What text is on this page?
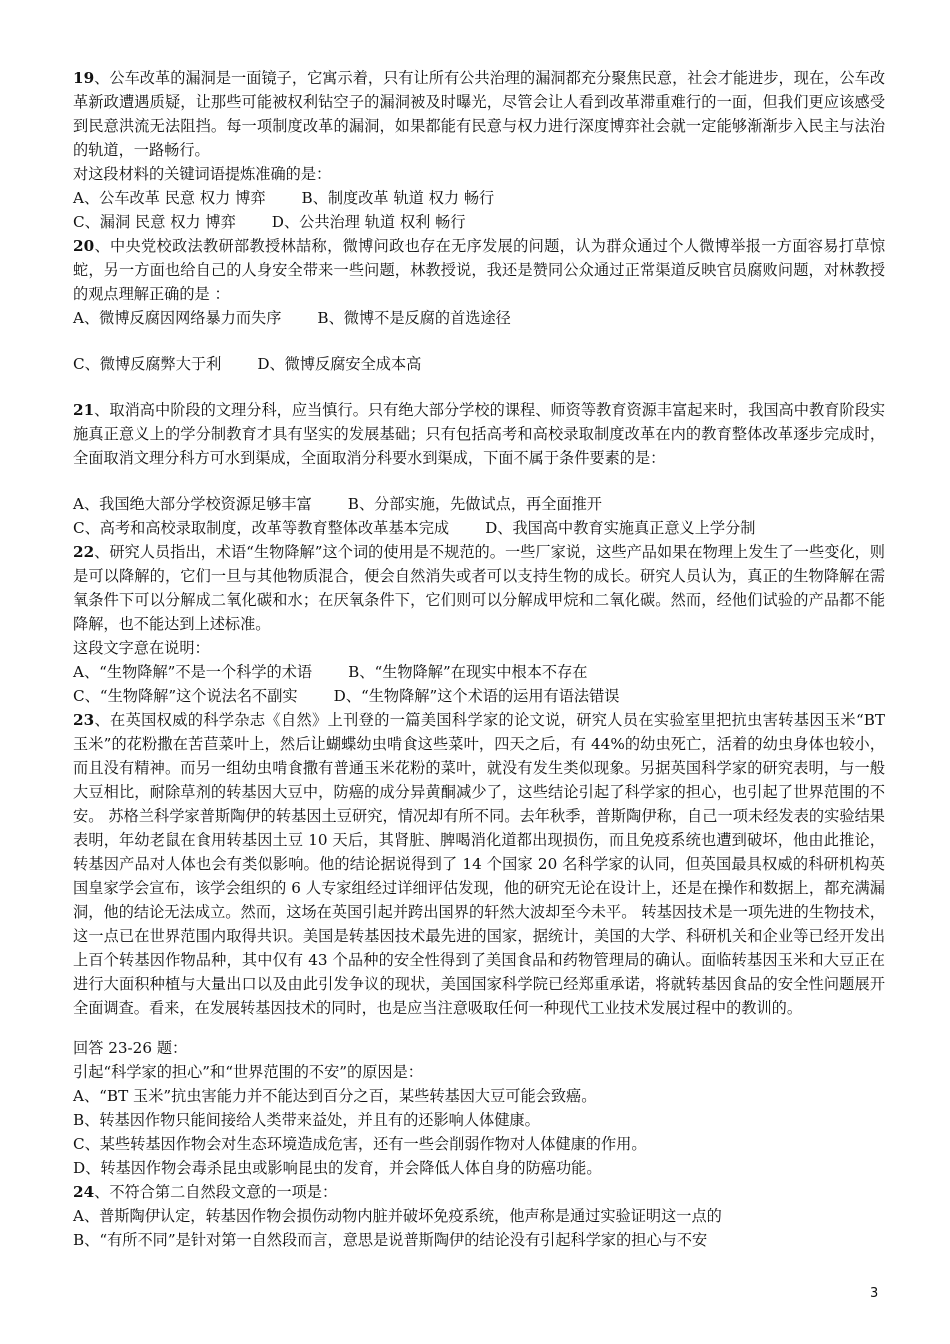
19、公车改革的漏洞是一面镜子，它寓示着，只有让所有公共治理的漏洞都充分聚焦民意，社会才能进步，现在，公车改革新政遭遇质疑，让那些可能被权利钻空子的漏洞被及时曝光，尽管会让人看到改革滞重难行的一面，但我们更应该感受到民意洪流无法阻挡。每一项制度改革的漏洞，如果都能有民意与权力进行深度博弈社会就一定能够渐渐步入民主与法治的轨道，一路畅行。

对这段材料的关键词语提炼准确的是：

A、公车改革 民意 权力 博弈 B、制度改革 轨道 权力 畅行

C、漏洞 民意 权力 博弈 D、公共治理 轨道 权利 畅行

20、中央党校政法教研部教授林喆称，微博问政也存在无序发展的问题，认为群众通过个人微博举报一方面容易打草惊蛇，另一方面也给自己的人身安全带来一些问题，林教授说，我还是赞同公众通过正常渠道反映官员腐败问题，对林教授的观点理解正确的是 ：

A、微博反腐因网络暴力而失序 B、微博不是反腐的首选途径

C、微博反腐弊大于利 D、微博反腐安全成本高

21、取消高中阶段的文理分科，应当慎行。只有绝大部分学校的课程、师资等教育资源丰富起来时，我国高中教育阶段实施真正意义上的学分制教育才具有坚实的发展基础；只有包括高考和高校录取制度改革在内的教育整体改革逐步完成时，全面取消文理分科方可水到渠成，全面取消分科要水到渠成，下面不属于条件要素的是：

A、我国绝大部分学校资源足够丰富 B、分部实施，先做试点，再全面推开

C、高考和高校录取制度，改革等教育整体改革基本完成 D、我国高中教育实施真正意义上学分制

22、研究人员指出，术语“生物降解”这个词的使用是不规范的。一些厂家说，这些产品如果在物理上发生了一些变化，则是可以降解的，它们一旦与其他物质混合，便会自然消失或者可以支持生物的成长。研究人员认为，真正的生物降解在需氧条件下可以分解成二氧化碳和水；在厌氧条件下，它们则可以分解成甲烷和二氧化碳。然而，经他们试验的产品都不能降解，也不能达到上述标准。

这段文字意在说明：

A、“生物降解”不是一个科学的术语 B、“生物降解”在现实中根本不存在

C、“生物降解”这个说法名不副实 D、“生物降解”这个术语的运用有语法错误

23、在英国权威的科学杂志《自然》上刊登的一篇美国科学家的论文说，研究人员在实验室里把抗虫害转基因玉米“BT 玉米”的花粉撒在苦苣菜叶上，然后让蝴蝶幼虫啃食这些菜叶，四天之后，有 44%的幼虫死亡，活着的幼虫身体也较小，而且没有精神。而另一组幼虫啃食撒有普通玉米花粉的菜叶，就没有发生类似现象。另据英国科学家的研究表明，与一般大豆相比，耐除草剂的转基因大豆中，防癌的成分异黄酮减少了，这些结论引起了科学家的担心，也引起了世界范围的不安。 苏格兰科学家普斯陶伊的转基因土豆研究，情况却有所不同。去年秋季，普斯陶伊称，自己一项未经发表的实验结果表明，年幼老鼠在食用转基因土豆 10 天后，其肾脏、脾喝消化道都出现损伤，而且免疫系统也遭到破坏，他由此推论，转基因产品对人体也会有类似影响。他的结论据说得到了 14 个国家 20 名科学家的认同，但英国最具权威的科研机构英国皇家学会宣布，该学会组织的 6 人专家组经过详细评估发现，他的研究无论在设计上，还是在操作和数据上，都充满漏洞，他的结论无法成立。然而，这场在英国引起并跨出国界的轩然大波却至今未平。 转基因技术是一项先进的生物技术，这一点已在世界范围内取得共识。美国是转基因技术最先进的国家，据统计，美国的大学、科研机关和企业等已经开发出上百个转基因作物品种，其中仅有 43 个品种的安全性得到了美国食品和药物管理局的确认。面临转基因玉米和大豆正在进行大面积种植与大量出口以及由此引发争议的现状，美国国家科学院已经郑重承诺，将就转基因食品的安全性问题展开全面调查。看来，在发展转基因技术的同时，也是应当注意吸取任何一种现代工业技术发展过程中的教训的。

回答 23-26 题：

引起“科学家的担心”和“世界范围的不安”的原因是：

A、“BT 玉米”抗虫害能力并不能达到百分之百，某些转基因大豆可能会致癌。

B、转基因作物只能间接给人类带来益处，并且有的还影响人体健康。

C、某些转基因作物会对生态环境造成危害，还有一些会削弱作物对人体健康的作用。

D、转基因作物会毒杀昆虫或影响昆虫的发育，并会降低人体自身的防癌功能。

24、不符合第二自然段文意的一项是：

A、普斯陶伊认定，转基因作物会损伤动物内脏并破坏免疫系统，他声称是通过实验证明这一点的

B、“有所不同”是针对第一自然段而言，意思是说普斯陶伊的结论没有引起科学家的担心与不安

3
